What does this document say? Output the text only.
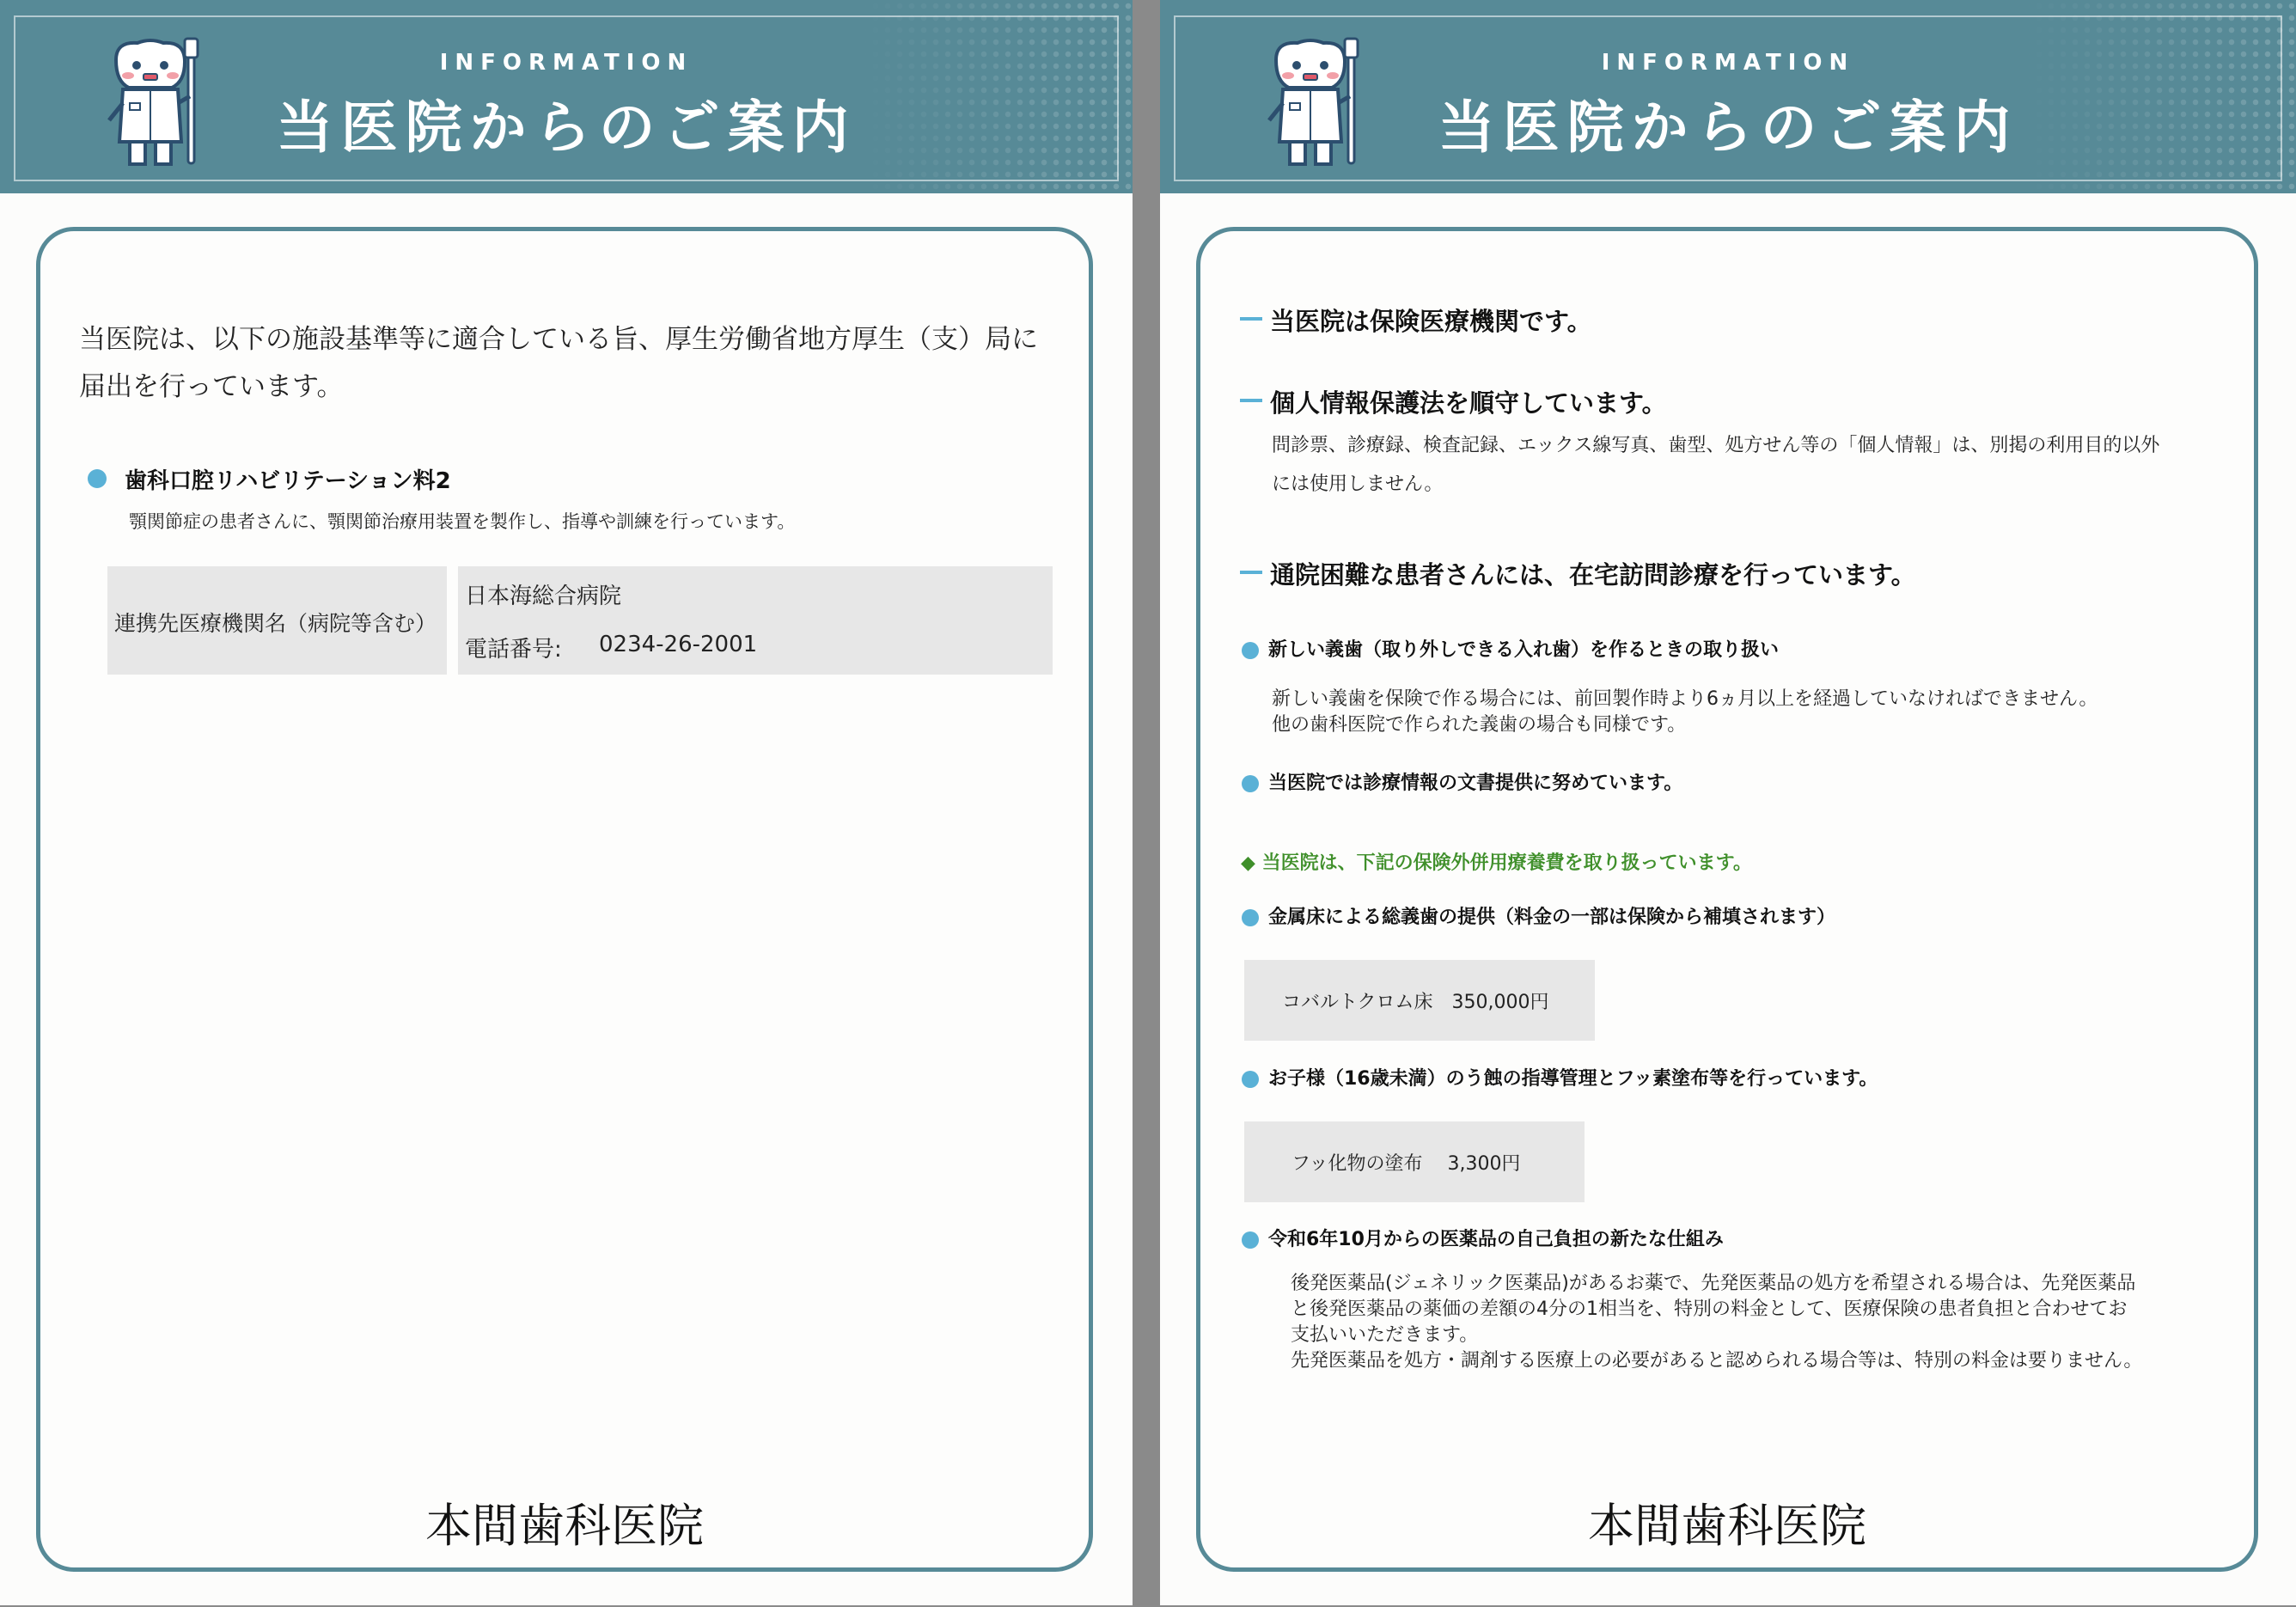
INFORMATION
当医院からのご案内
当医院は、以下の施設基準等に適合している旨、厚生労働省地方厚生（支）局に
届出を行っています。
歯科口腔リハビリテーション料2
顎関節症の患者さんに、顎関節治療用装置を製作し、指導や訓練を行っています。
連携先医療機関名（病院等含む）
日本海総合病院
電話番号: 0234-26-2001
本間歯科医院
INFORMATION
当医院からのご案内
当医院は保険医療機関です。
個人情報保護法を順守しています。
問診票、診療録、検査記録、エックス線写真、歯型、処方せん等の「個人情報」は、別掲の利用目的以外
には使用しません。
通院困難な患者さんには、在宅訪問診療を行っています。
新しい義歯（取り外しできる入れ歯）を作るときの取り扱い
新しい義歯を保険で作る場合には、前回製作時より6ヵ月以上を経過していなければできません。
他の歯科医院で作られた義歯の場合も同様です。
当医院では診療情報の文書提供に努めています。
◆ 当医院は、下記の保険外併用療養費を取り扱っています。
金属床による総義歯の提供（料金の一部は保険から補填されます）
コバルトクロム床　350,000円
お子様（16歳未満）のう蝕の指導管理とフッ素塗布等を行っています。
フッ化物の塗布　 3,300円
令和6年10月からの医薬品の自己負担の新たな仕組み
後発医薬品(ジェネリック医薬品)があるお薬で、先発医薬品の処方を希望される場合は、先発医薬品
と後発医薬品の薬価の差額の4分の1相当を、特別の料金として、医療保険の患者負担と合わせてお
支払いいただきます。
先発医薬品を処方・調剤する医療上の必要があると認められる場合等は、特別の料金は要りません。
本間歯科医院
